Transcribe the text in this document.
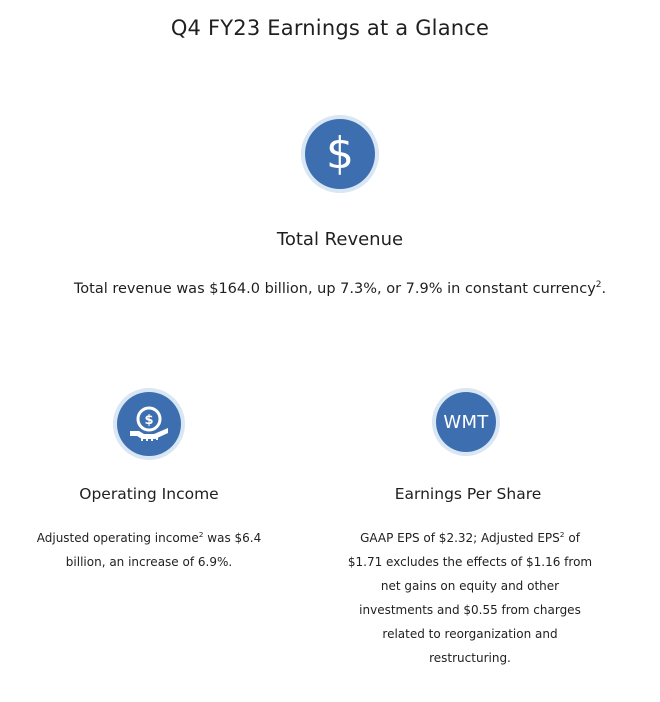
Q4 FY23 Earnings at a Glance
$
Total Revenue

Total revenue was $164.0 billion, up 7.3%, or 7.9% in constant currency$^2$.

$
Operating Income

Adjusted operating income$^2$ was $6.4 billion, an increase of 6.9%.

WMT
Earnings Per Share

GAAP EPS of $2.32; Adjusted EPS$^2$ of $1.71 excludes the effects of $1.16 from net gains on equity and other investments and $0.55 from charges related to reorganization and restructuring.
